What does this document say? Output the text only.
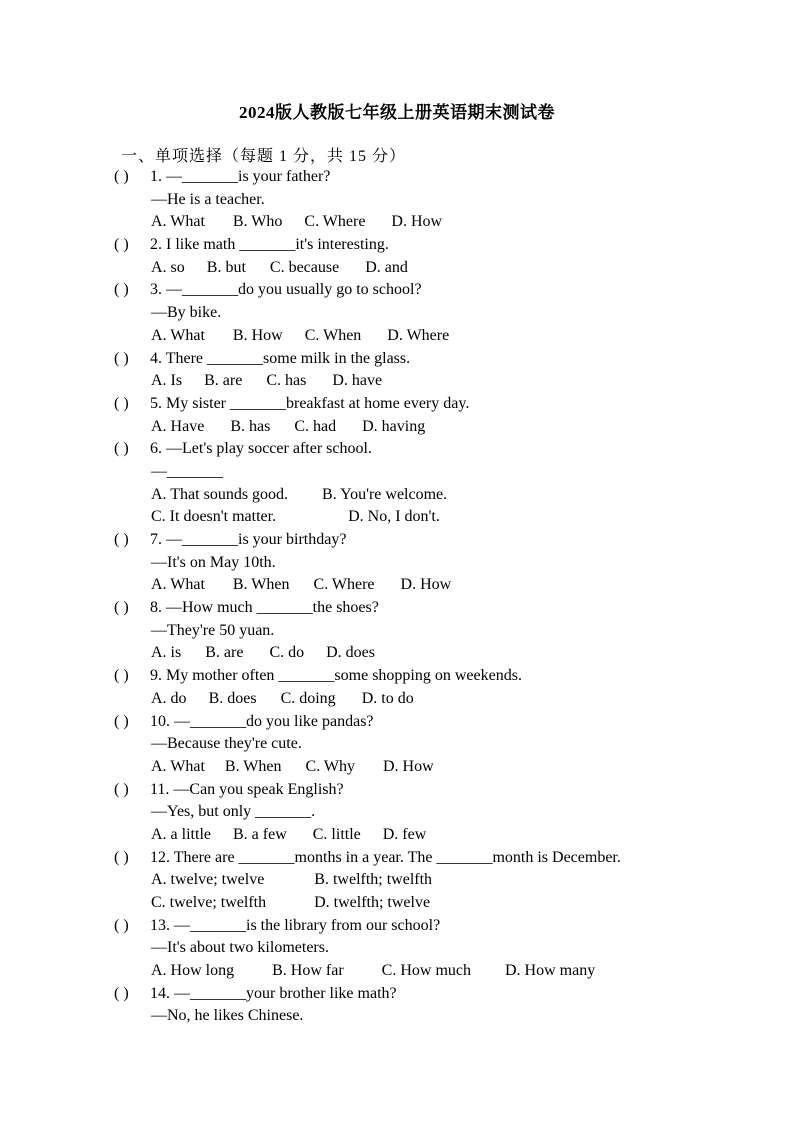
2024版人教版七年级上册英语期末测试卷
一、单项选择（每题 1 分，共 15 分）
( ) 1. —_______is your father?
—He is a teacher.
A. What B. Who C. Where D. How
( ) 2. I like math _______it's interesting.
A. so B. but C. because D. and
( ) 3. —_______do you usually go to school?
—By bike.
A. What B. How C. When D. Where
( ) 4. There _______some milk in the glass.
A. Is B. are C. has D. have
( ) 5. My sister _______breakfast at home every day.
A. Have B. has C. had D. having
( ) 6. —Let's play soccer after school.
—_______
A. That sounds good. B. You're welcome.
C. It doesn't matter.	D. No, I don't.
( ) 7. —_______is your birthday?
—It's on May 10th.
A. What B. When C. Where D. How
( ) 8. —How much _______the shoes?
—They're 50 yuan.
A. is B. are C. do D. does
( ) 9. My mother often _______some shopping on weekends.
A. do B. does C. doing D. to do
( ) 10. —_______do you like pandas?
—Because they're cute.
A. What B. When C. Why D. How
( ) 11. —Can you speak English?
—Yes, but only _______.
A. a little B. a few C. little D. few
( ) 12. There are _______months in a year. The _______month is December.
A. twelve; twelve	B. twelfth; twelfth
C. twelve; twelfth	D. twelfth; twelve
( ) 13. —_______is the library from our school?
—It's about two kilometers.
A. How long B. How far C. How much D. How many
( ) 14. —_______your brother like math?
—No, he likes Chinese.
